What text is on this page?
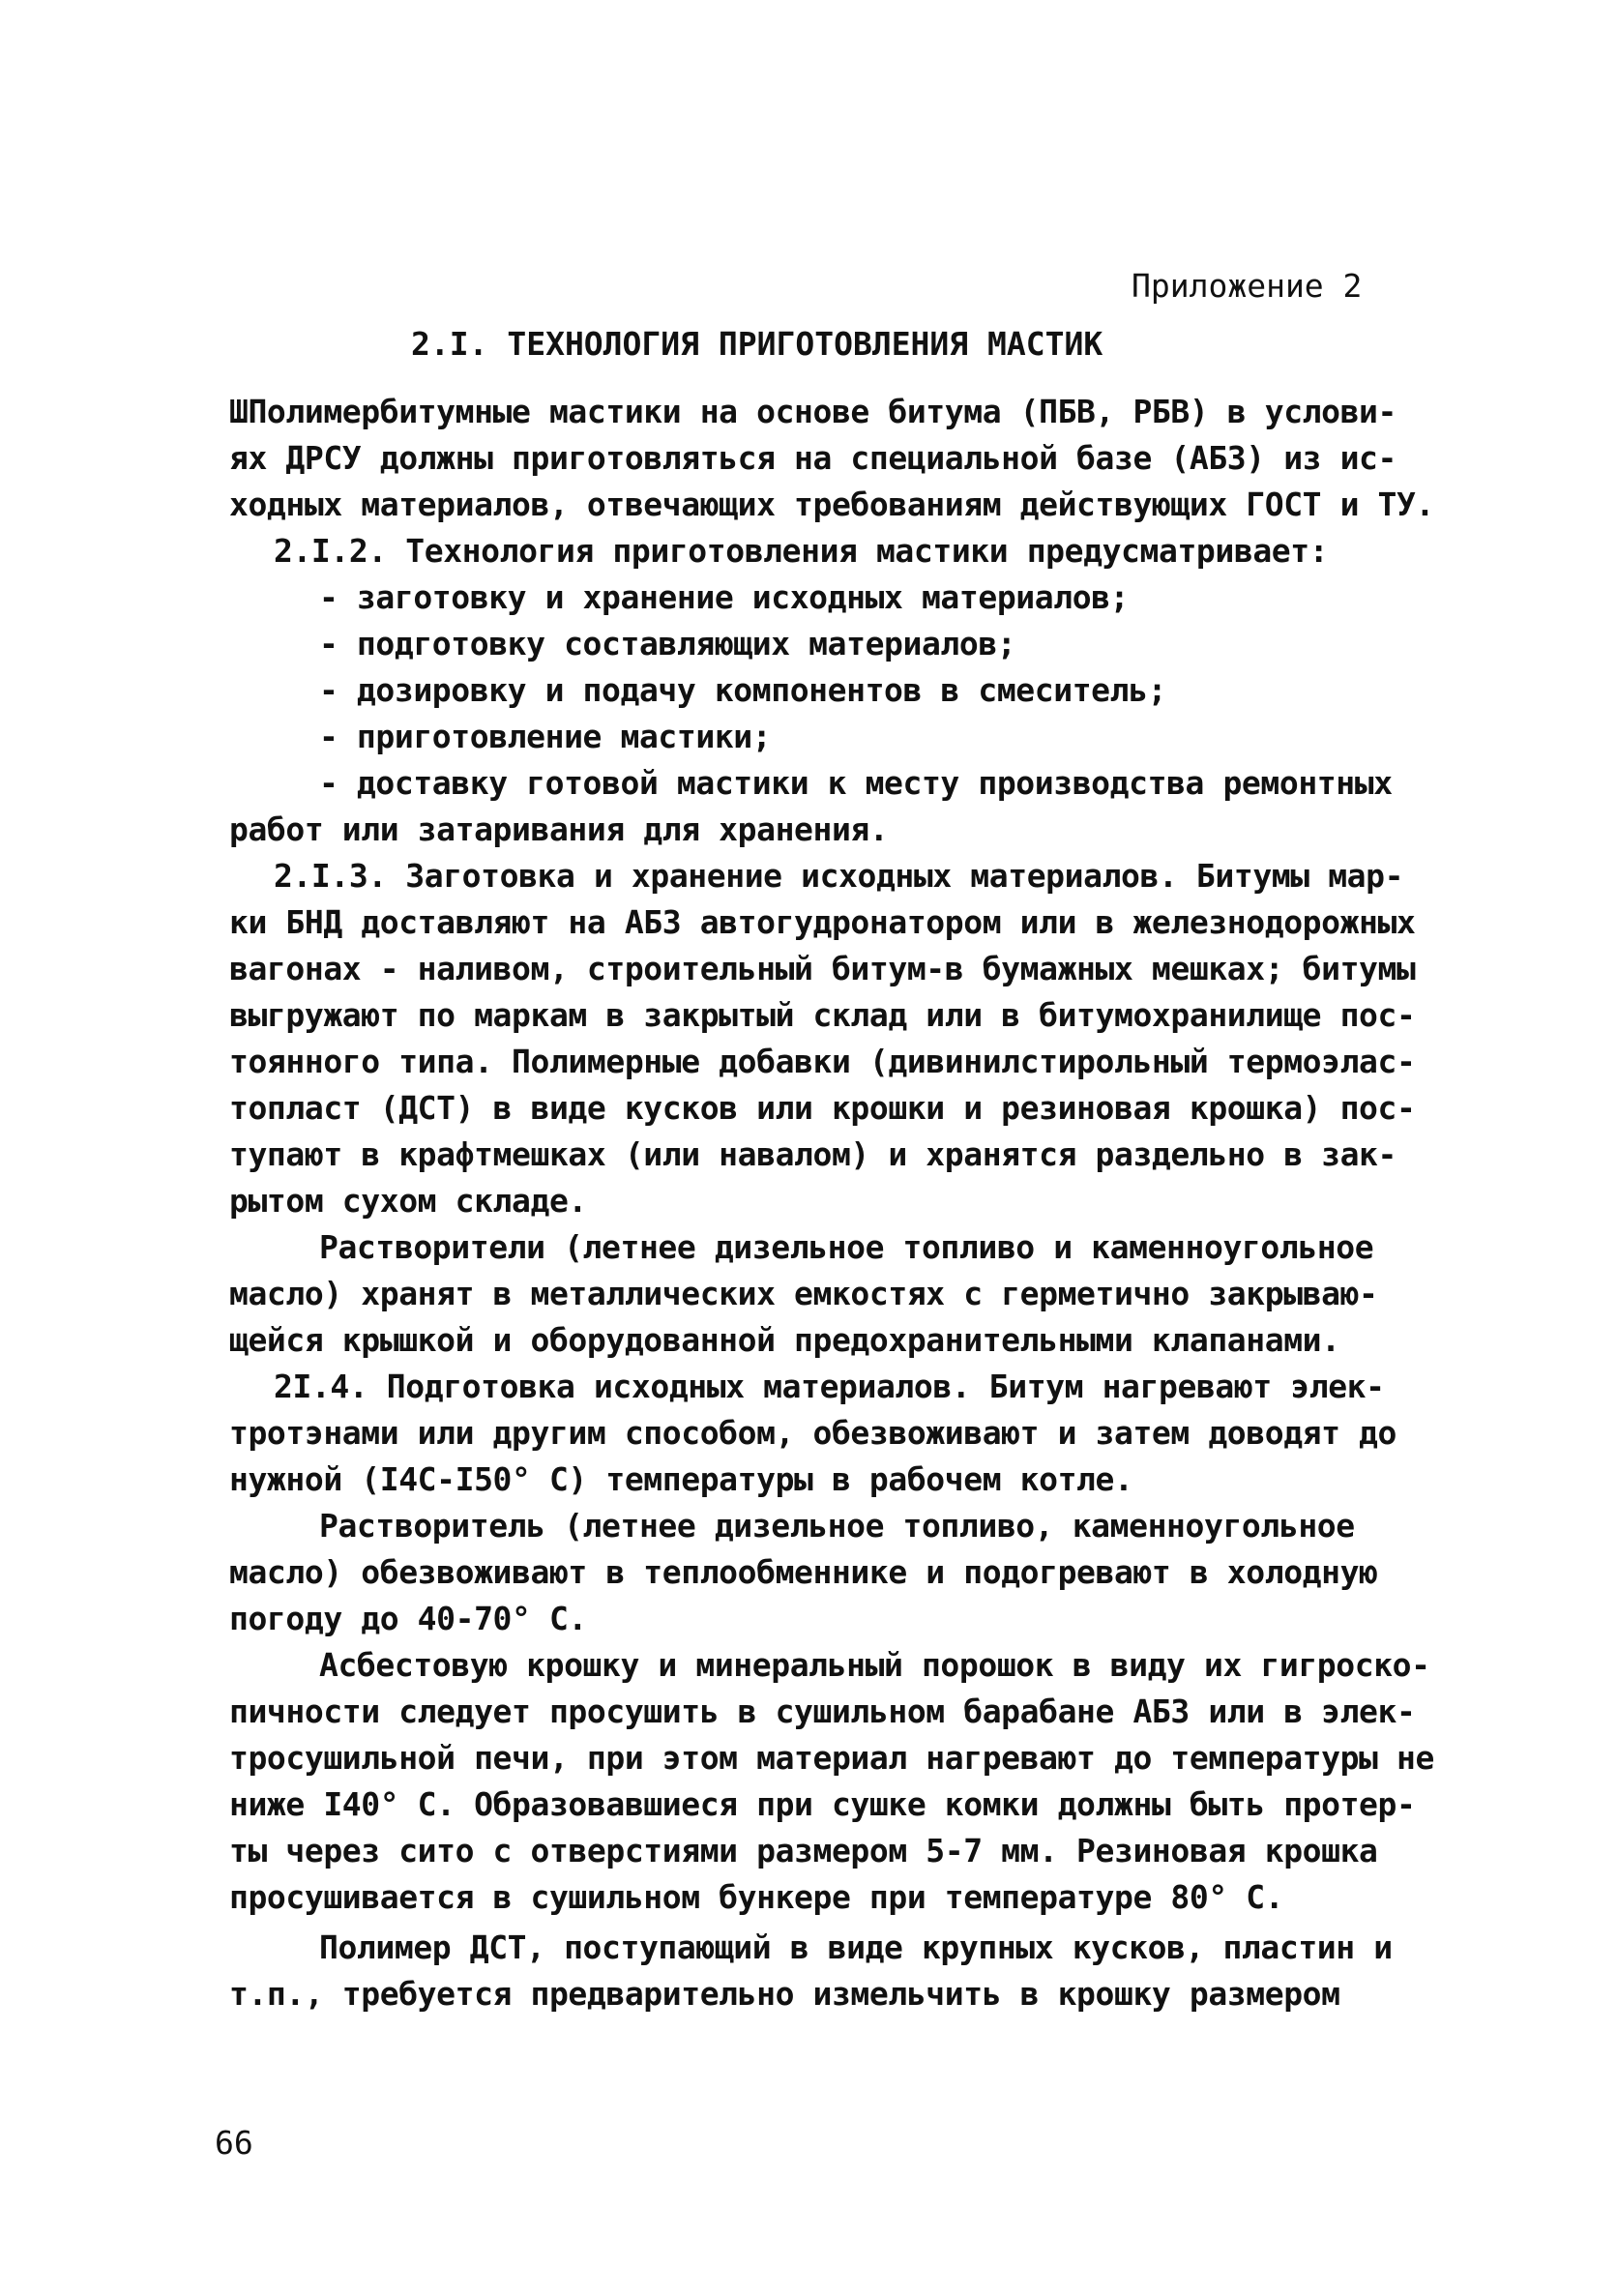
Приложение 2
2.I. ТЕХНОЛОГИЯ ПРИГОТОВЛЕНИЯ МАСТИК
ШПолимербитумные мастики на основе битума (ПБВ, РБВ) в услови-
ях ДРСУ должны приготовляться на специальной базе (АБЗ) из ис-
ходных материалов, отвечающих требованиям действующих ГОСТ и ТУ.
2.I.2. Технология приготовления мастики предусматривает:
- заготовку и хранение исходных материалов;
- подготовку составляющих материалов;
- дозировку и подачу компонентов в смеситель;
- приготовление мастики;
- доставку готовой мастики к месту производства ремонтных
работ или затаривания для хранения.
2.I.3. Заготовка и хранение исходных материалов. Битумы мар-
ки БНД доставляют на АБЗ автогудронатором или в железнодорожных
вагонах - наливом, строительный битум-в бумажных мешках; битумы
выгружают по маркам в закрытый склад или в битумохранилище пос-
тоянного типа. Полимерные добавки (дивинилстирольный термоэлас-
топласт (ДСТ) в виде кусков или крошки и резиновая крошка) пос-
тупают в крафтмешках (или навалом) и хранятся раздельно в зак-
рытом сухом складе.
Растворители (летнее дизельное топливо и каменноугольное
масло) хранят в металлических емкостях с герметично закрываю-
щейся крышкой и оборудованной предохранительными клапанами.
2I.4. Подготовка исходных материалов. Битум нагревают элек-
тротэнами или другим способом, обезвоживают и затем доводят до
нужной (I4С-I50° С) температуры в рабочем котле.
Растворитель (летнее дизельное топливо, каменноугольное
масло) обезвоживают в теплообменнике и подогревают в холодную
погоду до 40-70° С.
Асбестовую крошку и минеральный порошок в виду их гигроско-
пичности следует просушить в сушильном барабане АБЗ или в элек-
тросушильной печи, при этом материал нагревают до температуры не
ниже I40° С. Образовавшиеся при сушке комки должны быть протер-
ты через сито с отверстиями размером 5-7 мм. Резиновая крошка
просушивается в сушильном бункере при температуре 80° С.
Полимер ДСТ, поступающий в виде крупных кусков, пластин и
т.п., требуется предварительно измельчить в крошку размером
66
